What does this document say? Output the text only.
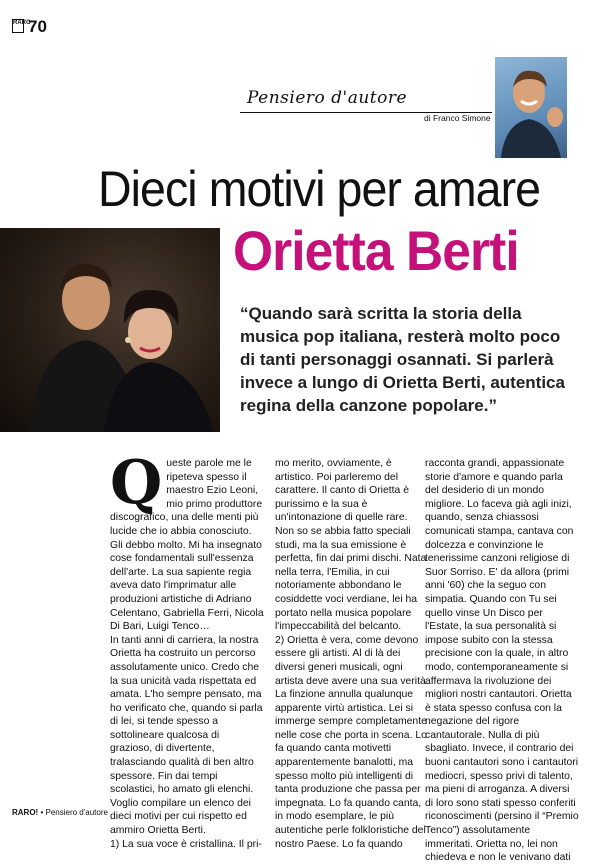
RARO
70
Pensiero d'autore
di Franco Simone
Dieci motivi per amare
Orietta Berti
“Quando sarà scritta la storia della musica pop italiana, resterà molto poco di tanti personaggi osannati. Si parlerà invece a lungo di Orietta Berti, autentica regina della canzone popolare.”
Q ueste parole me le ripeteva spesso il maestro Ezio Leoni, mio primo produttore discografico, una delle menti più lucide che io abbia conosciuto. Gli debbo molto. Mi ha insegnato cose fondamentali sull'essenza dell'arte. La sua sapiente regia aveva dato l'imprimatur alle produzioni artistiche di Adriano Celentano, Gabriella Ferri, Nicola Di Bari, Luigi Tenco…

In tanti anni di carriera, la nostra Orietta ha costruito un percorso assolutamente unico. Credo che la sua unicità vada rispettata ed amata. L'ho sempre pensato, ma ho verificato che, quando si parla di lei, si tende spesso a sottolineare qualcosa di grazioso, di divertente, tralasciando qualità di ben altro spessore. Fin dai tempi scolastici, ho amato gli elenchi. Voglio compilare un elenco dei dieci motivi per cui rispetto ed ammiro Orietta Berti.

1) La sua voce è cristallina. Il pri-

mo merito, ovviamente, è artistico. Poi parleremo del carattere. Il canto di Orietta è purissimo e la sua è un'intonazione di quelle rare. Non so se abbia fatto speciali studi, ma la sua emissione è perfetta, fin dai primi dischi. Nata nella terra, l'Emilia, in cui notoriamente abbondano le cosiddette voci verdiane, lei ha portato nella musica popolare l'impeccabilità del belcanto.

2) Orietta è vera, come devono essere gli artisti. Al di là dei diversi generi musicali, ogni artista deve avere una sua verità. La finzione annulla qualunque apparente virtù artistica. Lei si immerge sempre completamente nelle cose che porta in scena. Lo fa quando canta motivetti apparentemente banalotti, ma spesso molto più intelligenti di tanta produzione che passa per impegnata. Lo fa quando canta, in modo esemplare, le più autentiche perle folkloristiche del nostro Paese. Lo fa quando

racconta grandi, appassionate storie d'amore e quando parla del desiderio di un mondo migliore. Lo faceva già agli inizi, quando, senza chiassosi comunicati stampa, cantava con dolcezza e convinzione le tenerissime canzoni religiose di Suor Sorriso. E' da allora (primi anni '60) che la seguo con simpatia. Quando con Tu sei quello vinse Un Disco per l'Estate, la sua personalità si impose subito con la stessa precisione con la quale, in altro modo, contemporaneamente si affermava la rivoluzione dei migliori nostri cantautori. Orietta è stata spesso confusa con la negazione del rigore cantautorale. Nulla di più sbagliato. Invece, il contrario dei buoni cantautori sono i cantautori mediocri, spesso privi di talento, ma pieni di arroganza. A diversi di loro sono stati spesso conferiti riconoscimenti (persino il “Premio Tenco”) assolutamente immeritati. Orietta no, lei non chiedeva e non le venivano dati

RARO! • Pensiero d'autore
